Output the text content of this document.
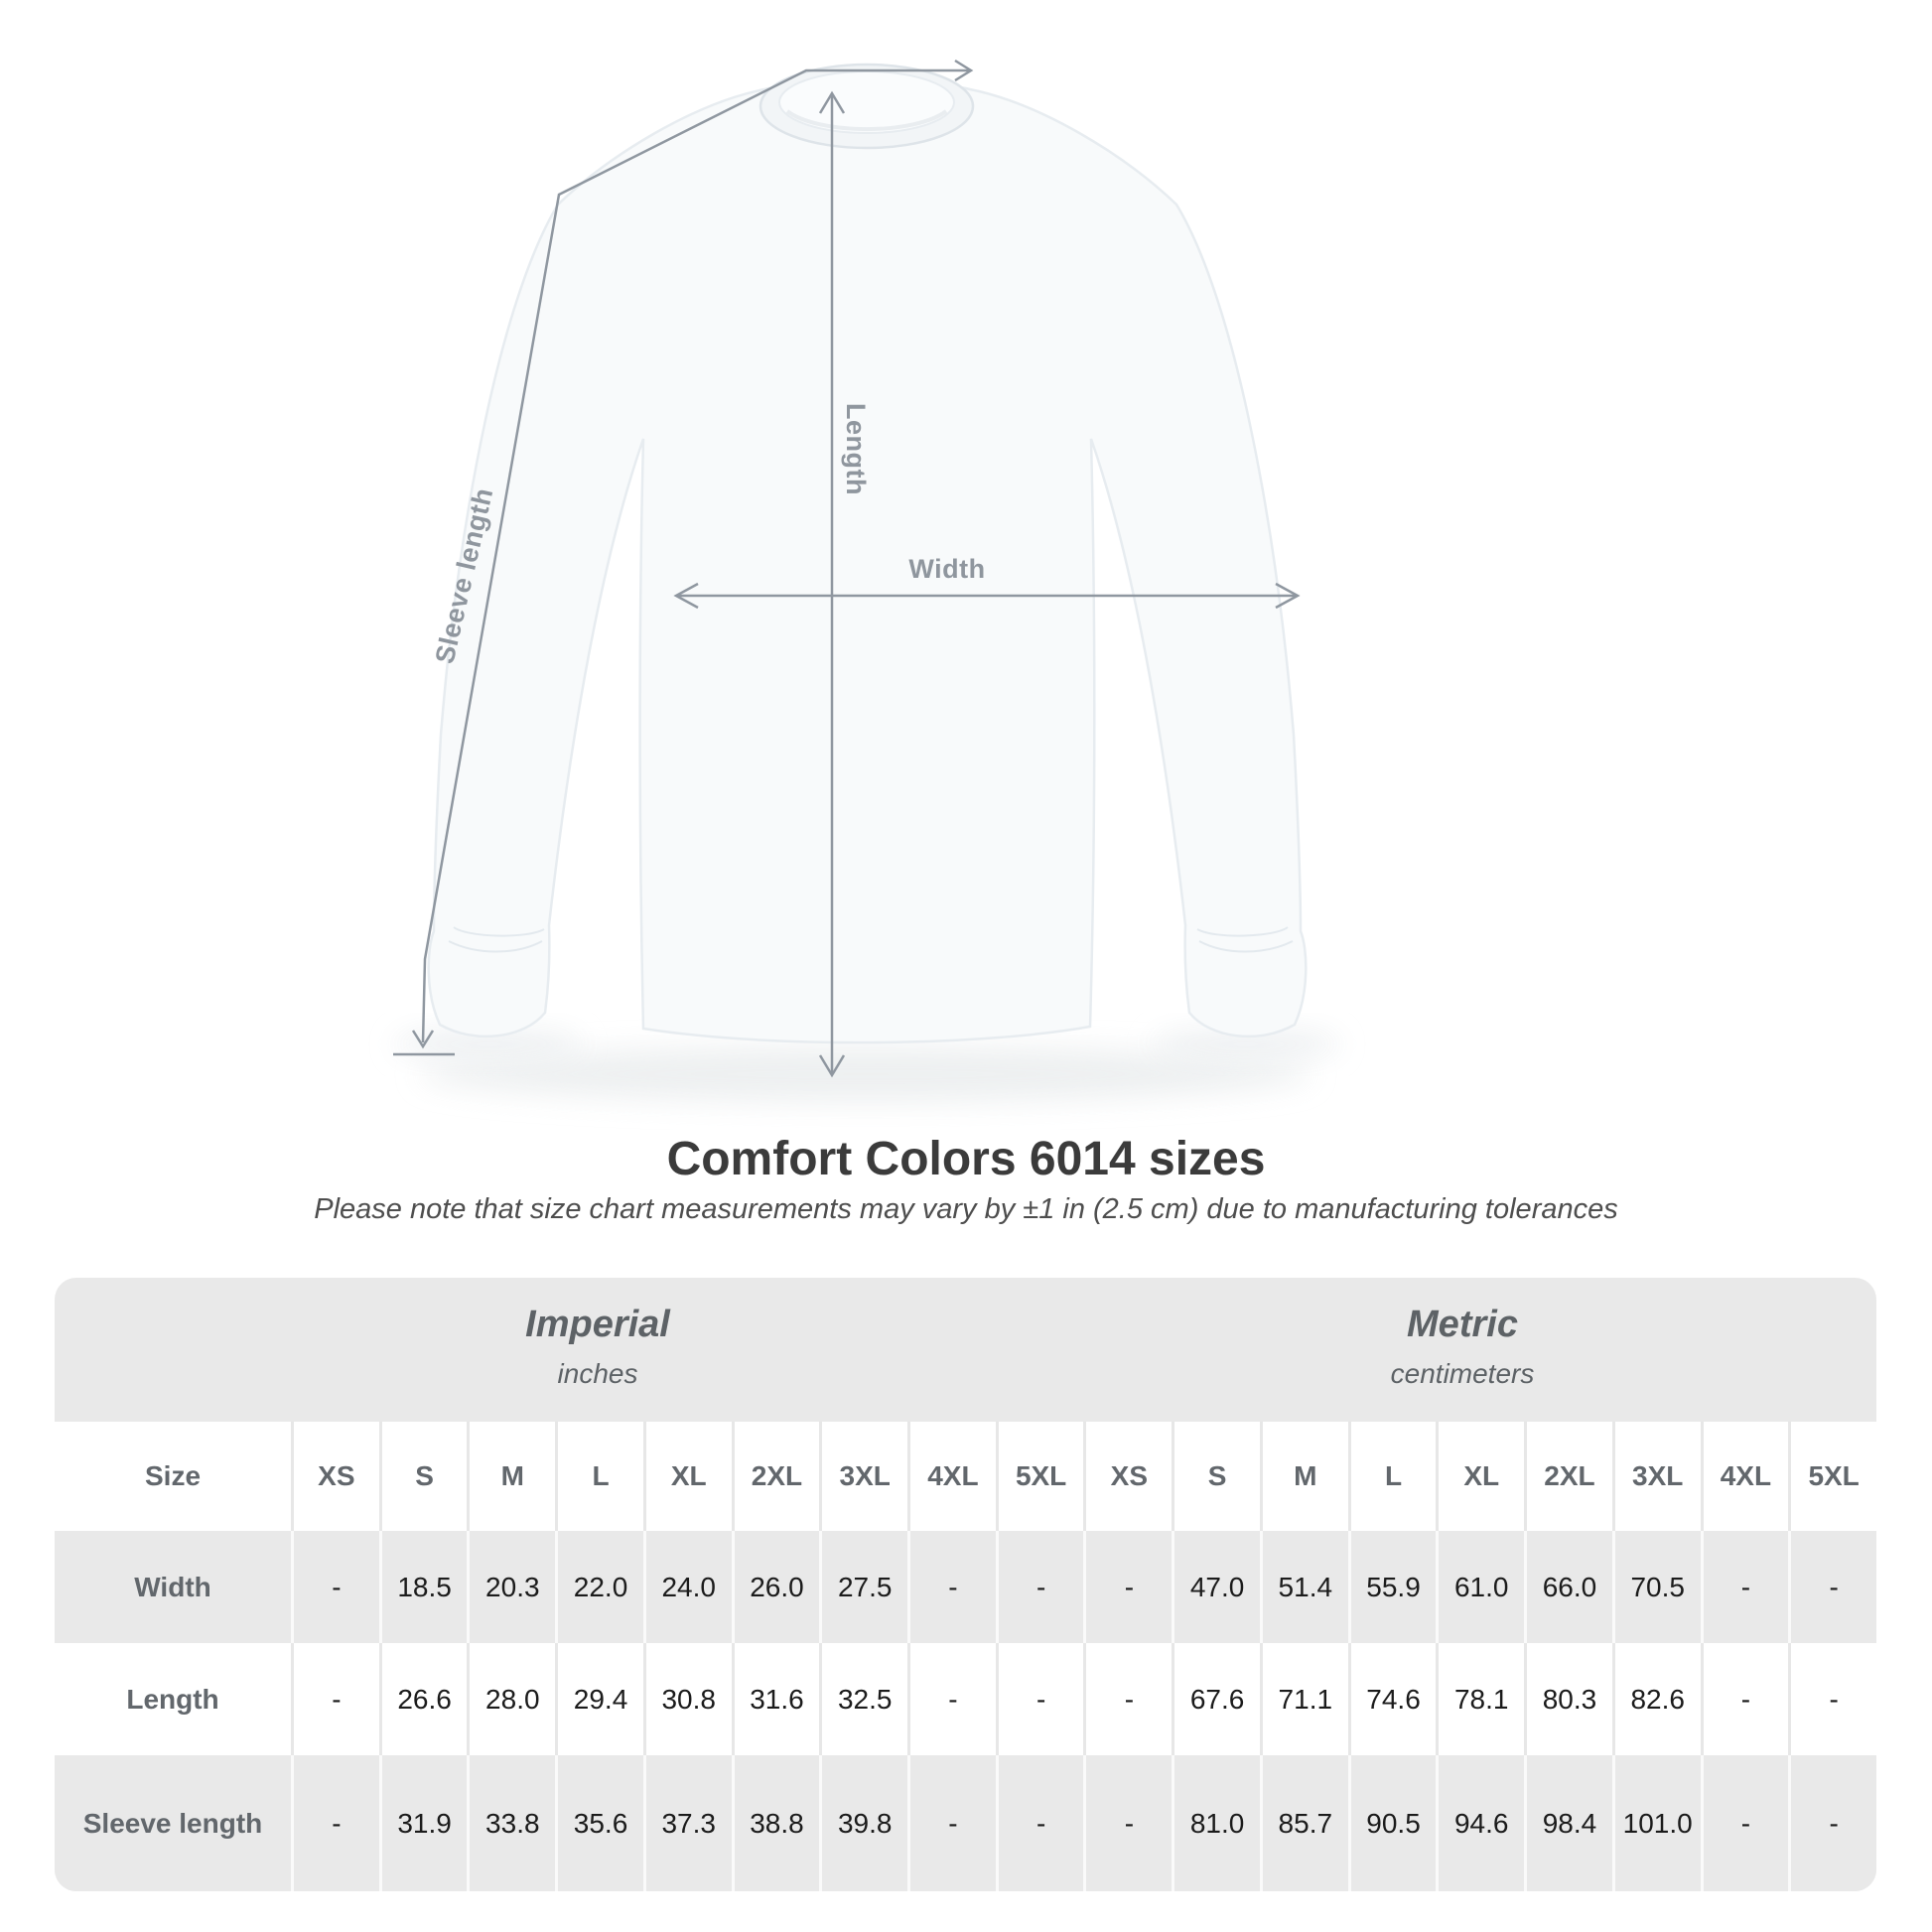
Sleeve length
Length
Width
Comfort Colors 6014 sizes
Please note that size chart measurements may vary by ±1 in (2.5 cm) due to manufacturing tolerances
Imperial
inches
Metric
centimeters
Size	XS	S	M	L	XL	2XL	3XL	4XL	5XL	XS	S	M	L	XL	2XL	3XL	4XL	5XL
Width	-	18.5	20.3	22.0	24.0	26.0	27.5	-	-	-	47.0	51.4	55.9	61.0	66.0	70.5	-	-
Length	-	26.6	28.0	29.4	30.8	31.6	32.5	-	-	-	67.6	71.1	74.6	78.1	80.3	82.6	-	-
Sleeve length	-	31.9	33.8	35.6	37.3	38.8	39.8	-	-	-	81.0	85.7	90.5	94.6	98.4 101.0	-	-
